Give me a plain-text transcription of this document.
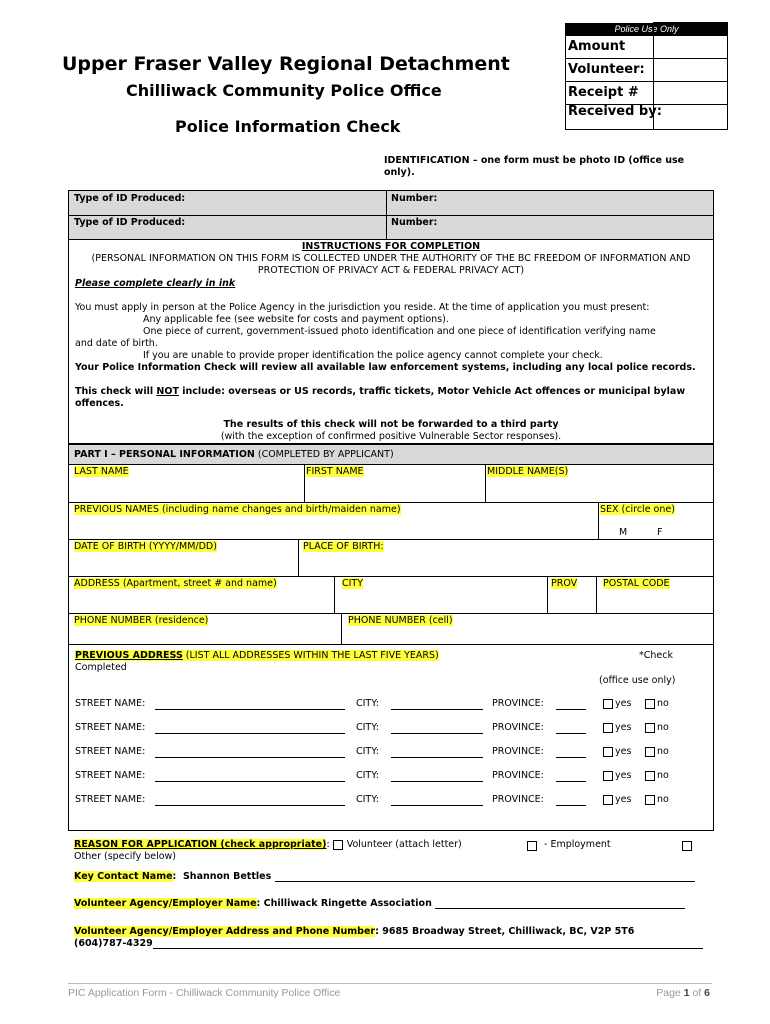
Police Use Only
Amount
Volunteer:
Receipt #
Received by:
Upper Fraser Valley Regional Detachment
Chilliwack Community Police Office
Police Information Check
IDENTIFICATION – one form must be photo ID (office use only).
Type of ID Produced:	Number:
Type of ID Produced:	Number:
INSTRUCTIONS FOR COMPLETION
(PERSONAL INFORMATION ON THIS FORM IS COLLECTED UNDER THE AUTHORITY OF THE BC FREEDOM OF INFORMATION AND PROTECTION OF PRIVACY ACT & FEDERAL PRIVACY ACT)
Please complete clearly in ink
You must apply in person at the Police Agency in the jurisdiction you reside. At the time of application you must present:
Any applicable fee (see website for costs and payment options).
One piece of current, government-issued photo identification and one piece of identification verifying name
and date of birth.
If you are unable to provide proper identification the police agency cannot complete your check.
Your Police Information Check will review all available law enforcement systems, including any local police records.
This check will NOT include: overseas or US records, traffic tickets, Motor Vehicle Act offences or municipal bylaw offences.
The results of this check will not be forwarded to a third party
(with the exception of confirmed positive Vulnerable Sector responses).
PART I – PERSONAL INFORMATION (COMPLETED BY APPLICANT)
LAST NAME	FIRST NAME	MIDDLE NAME(S)
PREVIOUS NAMES (including name changes and birth/maiden name)	SEX (circle one)
M	F
DATE OF BIRTH (YYYY/MM/DD)	PLACE OF BIRTH:
ADDRESS (Apartment, street # and name)	CITY	PROV	POSTAL CODE
PHONE NUMBER (residence)	PHONE NUMBER (cell)
PREVIOUS ADDRESS (LIST ALL ADDRESSES WITHIN THE LAST FIVE YEARS)	*Check
Completed
(office use only)
STREET NAME:	CITY:	PROVINCE:	yes	no
STREET NAME:	CITY:	PROVINCE:	yes	no
STREET NAME:	CITY:	PROVINCE:	yes	no
STREET NAME:	CITY:	PROVINCE:	yes	no
STREET NAME:	CITY:	PROVINCE:	yes	no
REASON FOR APPLICATION (check appropriate): Volunteer (attach letter)	- Employment
Other (specify below)
Key Contact Name:  Shannon Bettles
Volunteer Agency/Employer Name: Chilliwack Ringette Association
Volunteer Agency/Employer Address and Phone Number: 9685 Broadway Street, Chilliwack, BC, V2P 5T6
(604)787-4329
PIC Application Form - Chilliwack Community Police Office	Page 1 of 6
